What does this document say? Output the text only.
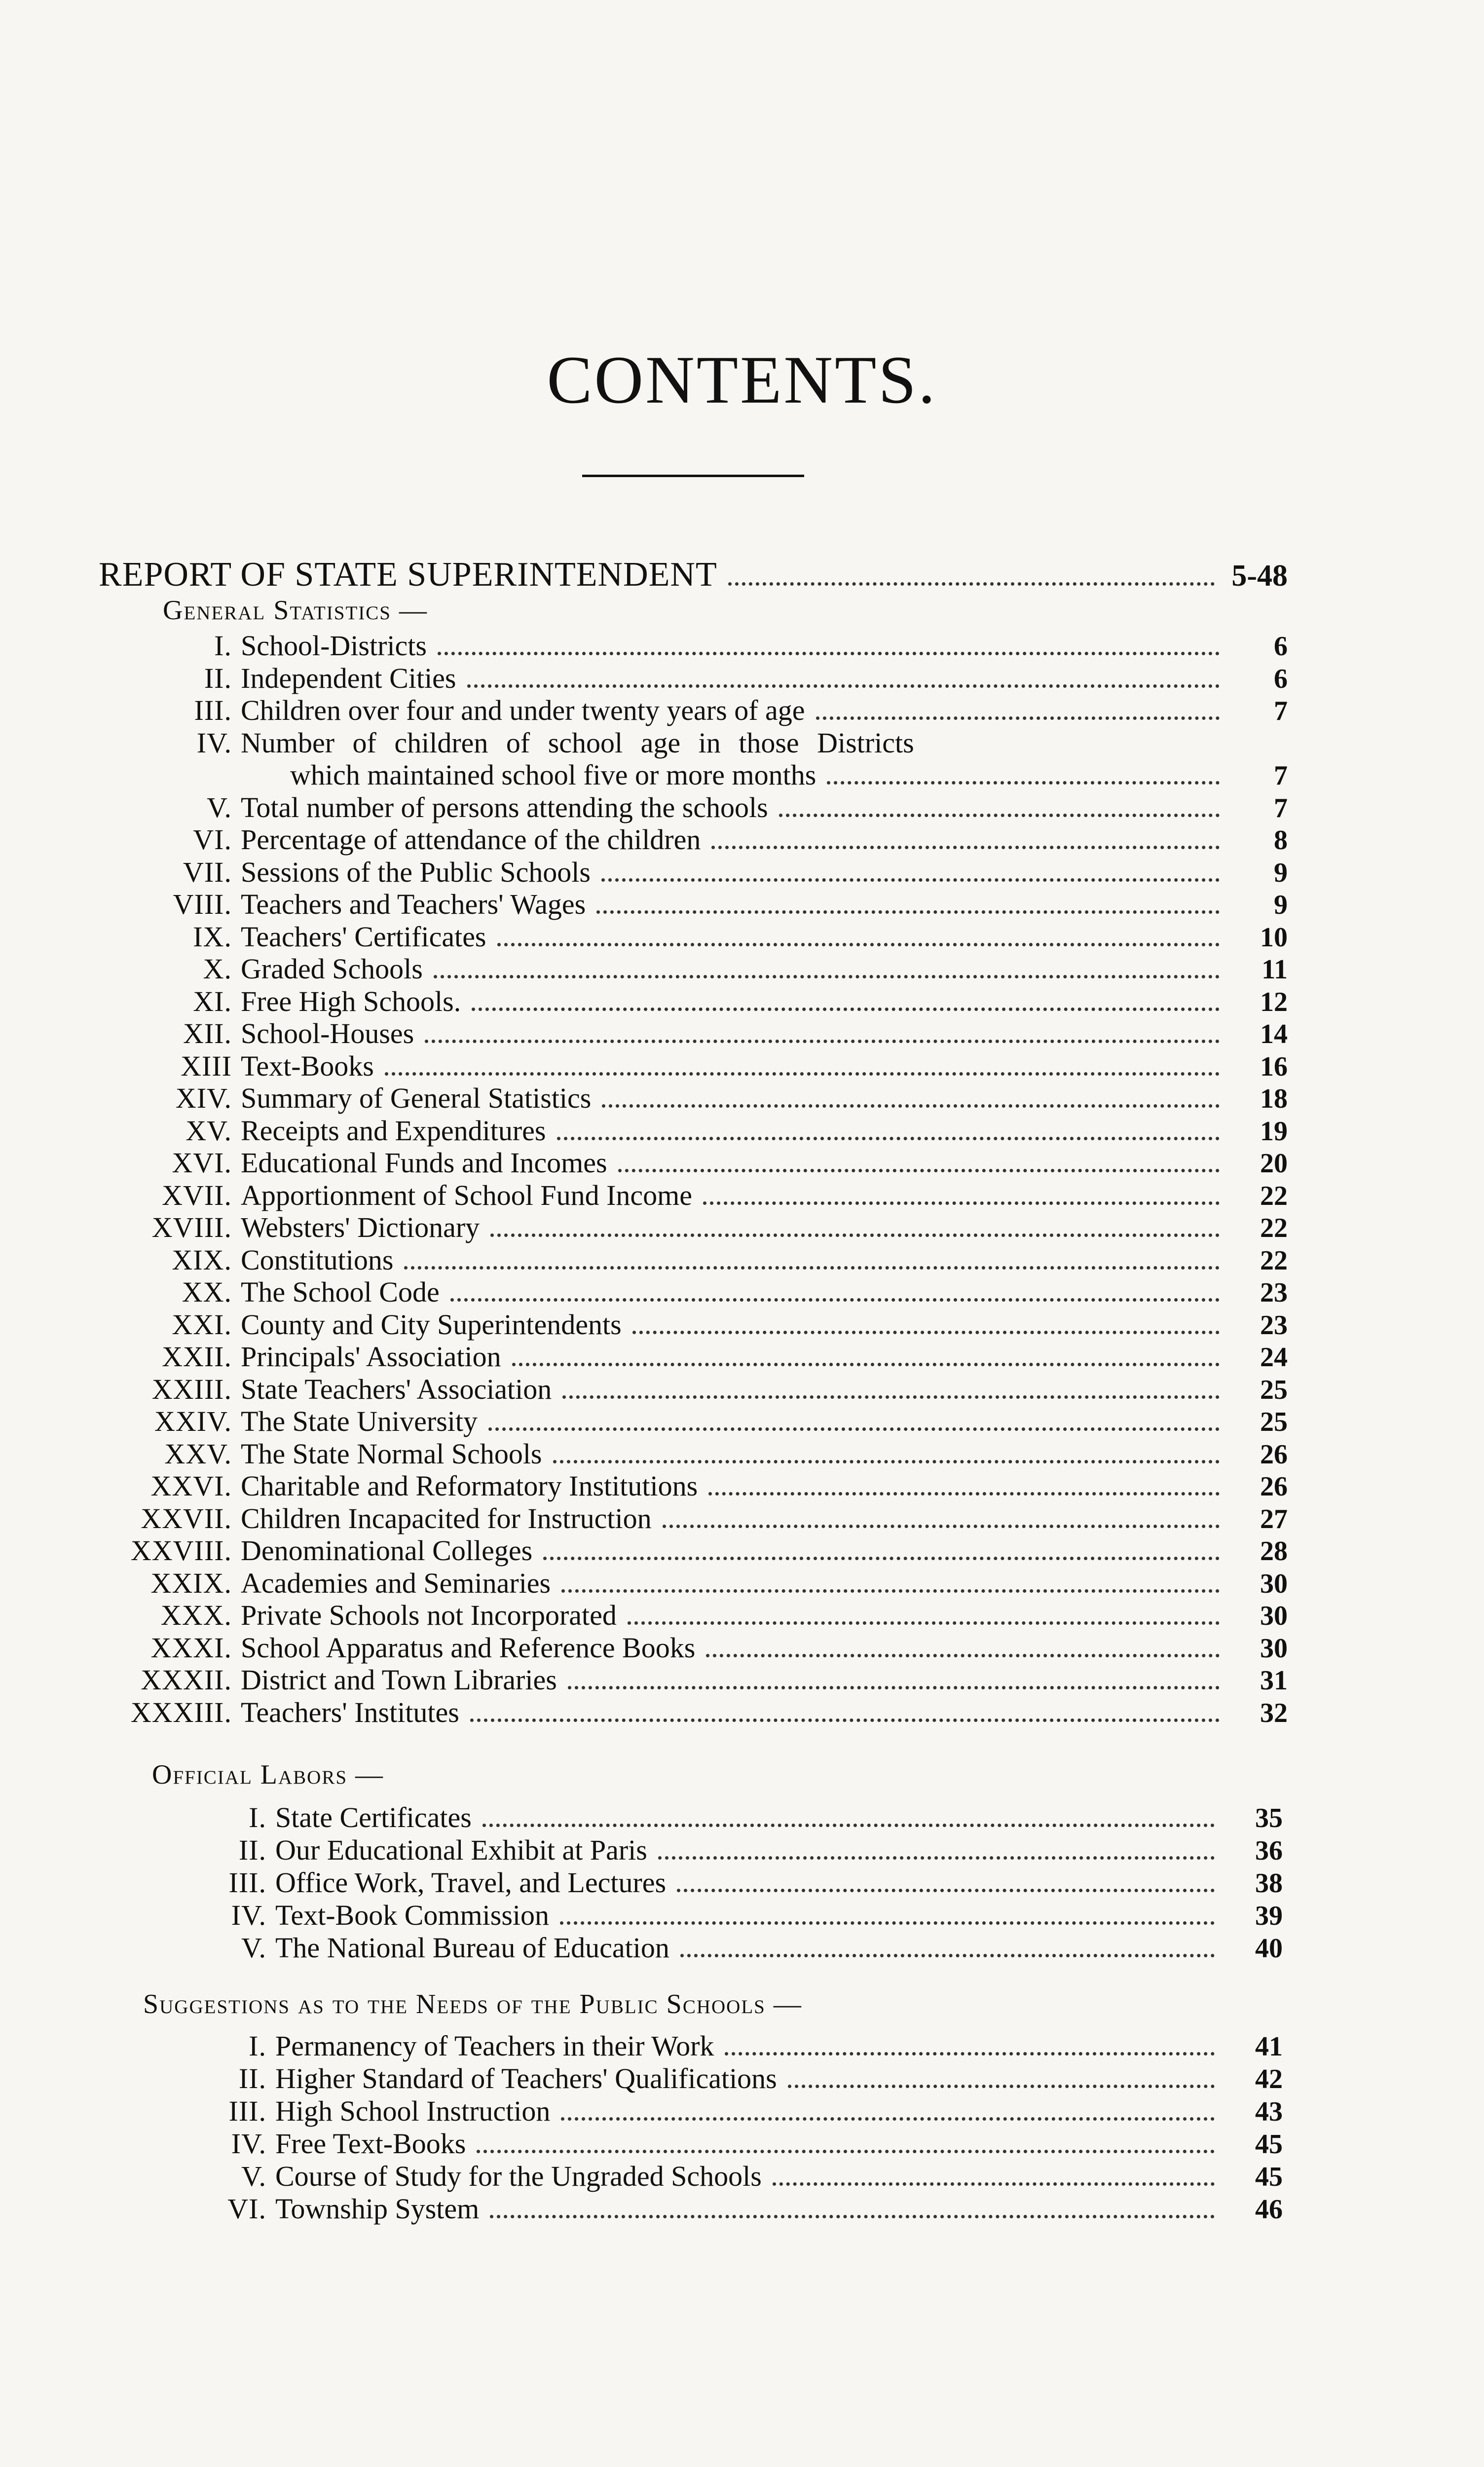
CONTENTS.
REPORT OF STATE SUPERINTENDENT	5-48
General Statistics —
I. School-Districts	6
II. Independent Cities	6
III. Children over four and under twenty years of age	7
IV. Number of children of school age in those Districts
which maintained school five or more months	7
V. Total number of persons attending the schools	7
VI. Percentage of attendance of the children	8
VII. Sessions of the Public Schools	9
VIII. Teachers and Teachers' Wages	9
IX. Teachers' Certificates	10
X. Graded Schools	11
XI. Free High Schools.	12
XII. School-Houses	14
XIII Text-Books	16
XIV. Summary of General Statistics	18
XV. Receipts and Expenditures	19
XVI. Educational Funds and Incomes	20
XVII. Apportionment of School Fund Income	22
XVIII. Websters' Dictionary	22
XIX. Constitutions	22
XX. The School Code	23
XXI. County and City Superintendents	23
XXII. Principals' Association	24
XXIII. State Teachers' Association	25
XXIV. The State University	25
XXV. The State Normal Schools	26
XXVI. Charitable and Reformatory Institutions	26
XXVII. Children Incapacited for Instruction	27
XXVIII. Denominational Colleges	28
XXIX. Academies and Seminaries	30
XXX. Private Schools not Incorporated	30
XXXI. School Apparatus and Reference Books	30
XXXII. District and Town Libraries	31
XXXIII. Teachers' Institutes	32
Official Labors —
I. State Certificates	35
II. Our Educational Exhibit at Paris	36
III. Office Work, Travel, and Lectures	38
IV. Text-Book Commission	39
V. The National Bureau of Education	40
Suggestions as to the Needs of the Public Schools —
I. Permanency of Teachers in their Work	41
II. Higher Standard of Teachers' Qualifications	42
III. High School Instruction	43
IV. Free Text-Books	45
V. Course of Study for the Ungraded Schools	45
VI. Township System	46
